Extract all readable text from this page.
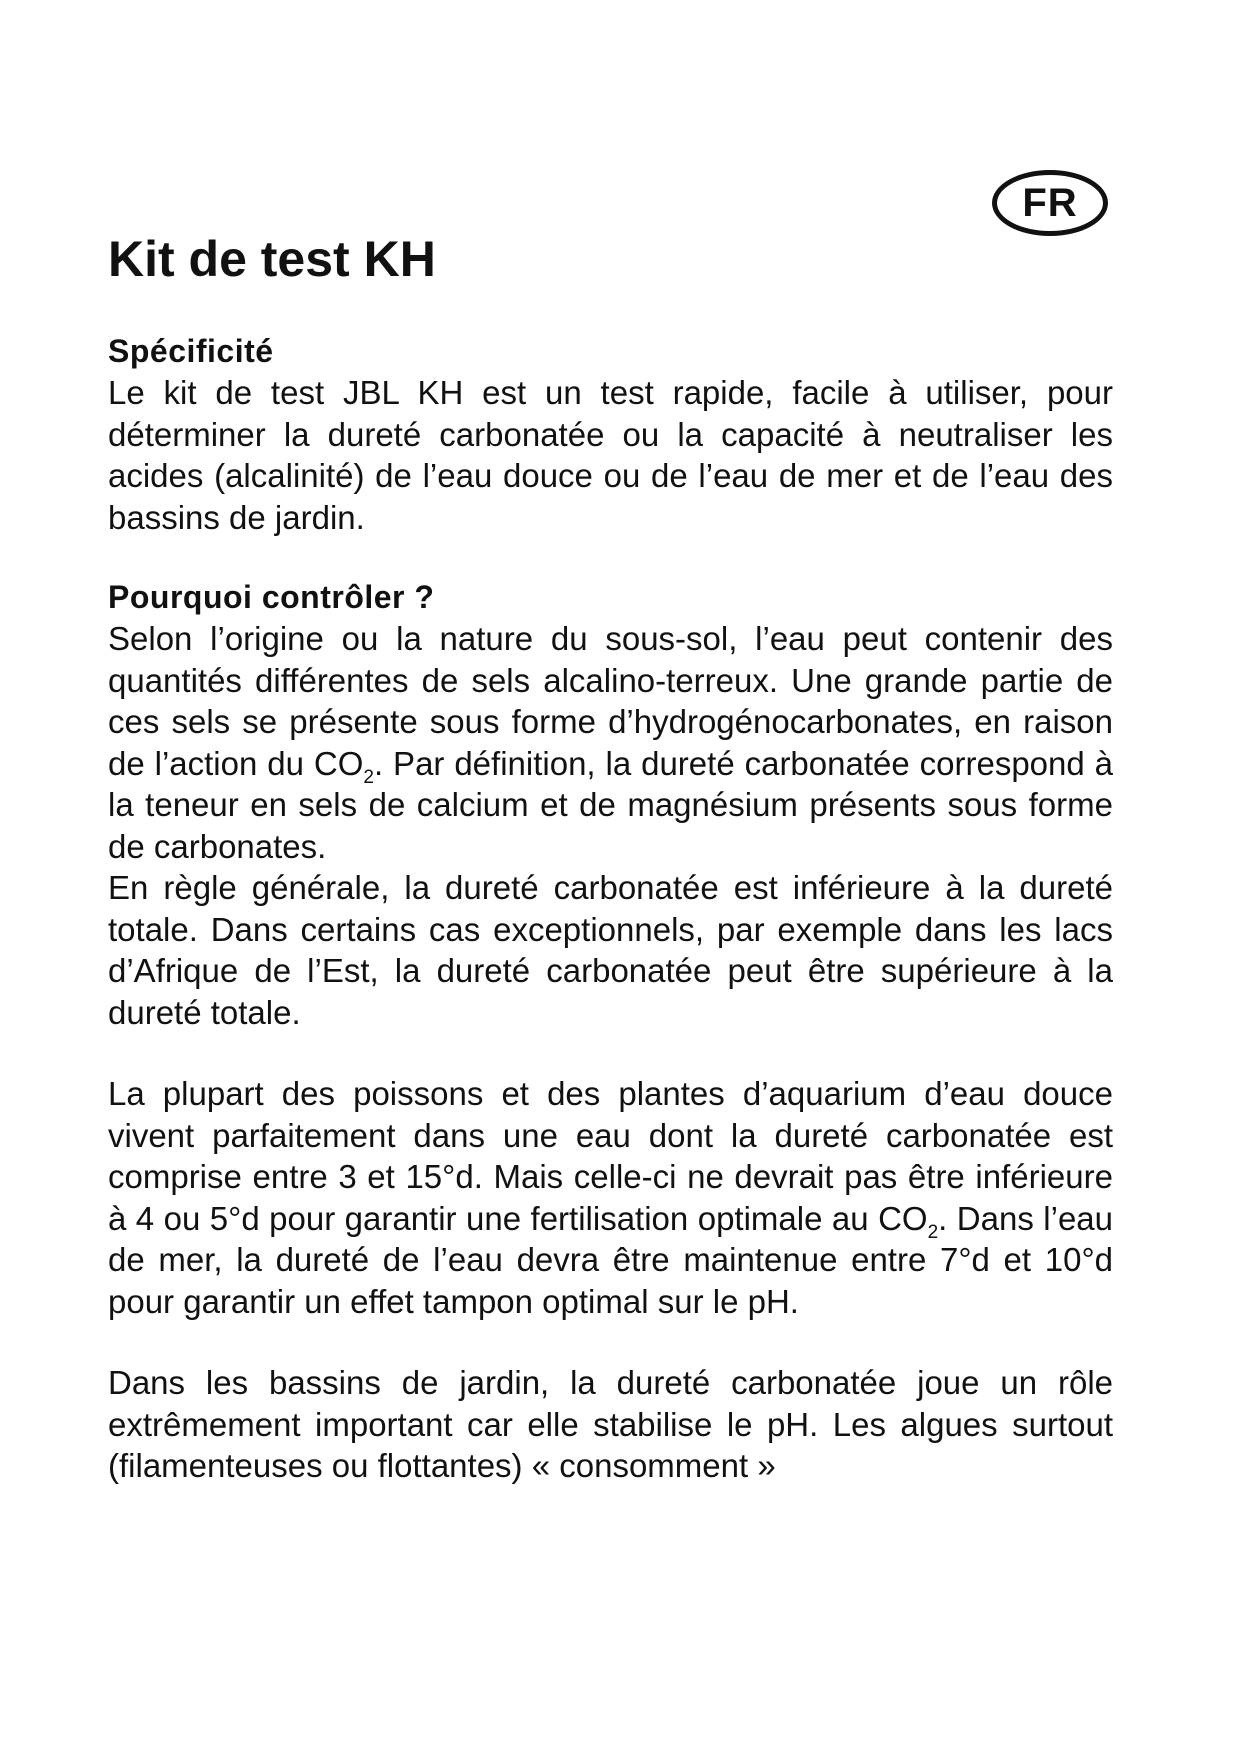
FR
Kit de test KH
Spécificité

Le kit de test JBL KH est un test rapide, facile à utiliser, pour déterminer la dureté carbonatée ou la capacité à neutraliser les acides (alcalinité) de l’eau douce ou de l’eau de mer et de l’eau des bassins de jardin.

Pourquoi contrôler ?

Selon l’origine ou la nature du sous-sol, l’eau peut contenir des quantités différentes de sels alcalino-terreux. Une grande partie de ces sels se présente sous forme d’hydrogénocarbonates, en raison de l’action du $CO_2$. Par définition, la dureté carbonatée correspond à la teneur en sels de calcium et de magnésium présents sous forme de carbonates.

En règle générale, la dureté carbonatée est inférieure à la dureté totale. Dans certains cas exceptionnels, par exemple dans les lacs d’Afrique de l’Est, la dureté carbonatée peut être supérieure à la dureté totale.

La plupart des poissons et des plantes d’aquarium d’eau douce vivent parfaitement dans une eau dont la dureté carbonatée est comprise entre 3 et 15°d. Mais celle-ci ne devrait pas être inférieure à 4 ou 5°d pour garantir une fertilisation optimale au $CO_2$. Dans l’eau de mer, la dureté de l’eau devra être maintenue entre 7°d et 10°d pour garantir un effet tampon optimal sur le pH.

Dans les bassins de jardin, la dureté carbonatée joue un rôle extrêmement important car elle stabilise le pH. Les algues surtout (filamenteuses ou flottantes) « consomment »
